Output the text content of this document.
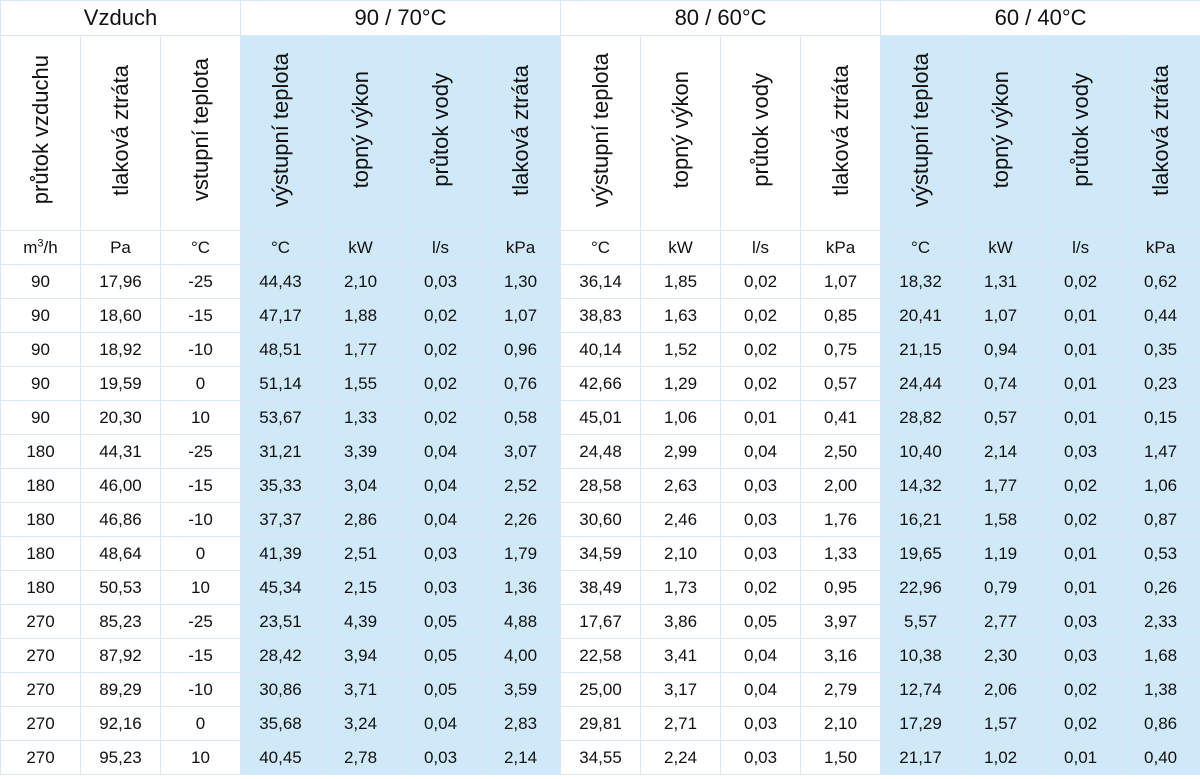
Vzduch			90 / 70°C				80 / 60°C				60 / 40°C			
průtok vzduchu	tlaková ztráta	vstupní teplota	výstupní teplota	topný výkon	průtok vody	tlaková ztráta	výstupní teplota	topný výkon	průtok vody	tlaková ztráta	výstupní teplota	topný výkon	průtok vody	tlaková ztráta
$m^3/h$	Pa	°C	°C	kW	l/s	kPa	°C	kW	l/s	kPa	°C	kW	l/s	kPa
90	17,96	-25	44,43	2,10	0,03	1,30	36,14	1,85	0,02	1,07	18,32	1,31	0,02	0,62
90	18,60	-15	47,17	1,88	0,02	1,07	38,83	1,63	0,02	0,85	20,41	1,07	0,01	0,44
90	18,92	-10	48,51	1,77	0,02	0,96	40,14	1,52	0,02	0,75	21,15	0,94	0,01	0,35
90	19,59	0	51,14	1,55	0,02	0,76	42,66	1,29	0,02	0,57	24,44	0,74	0,01	0,23
90	20,30	10	53,67	1,33	0,02	0,58	45,01	1,06	0,01	0,41	28,82	0,57	0,01	0,15
180	44,31	-25	31,21	3,39	0,04	3,07	24,48	2,99	0,04	2,50	10,40	2,14	0,03	1,47
180	46,00	-15	35,33	3,04	0,04	2,52	28,58	2,63	0,03	2,00	14,32	1,77	0,02	1,06
180	46,86	-10	37,37	2,86	0,04	2,26	30,60	2,46	0,03	1,76	16,21	1,58	0,02	0,87
180	48,64	0	41,39	2,51	0,03	1,79	34,59	2,10	0,03	1,33	19,65	1,19	0,01	0,53
180	50,53	10	45,34	2,15	0,03	1,36	38,49	1,73	0,02	0,95	22,96	0,79	0,01	0,26
270	85,23	-25	23,51	4,39	0,05	4,88	17,67	3,86	0,05	3,97	5,57	2,77	0,03	2,33
270	87,92	-15	28,42	3,94	0,05	4,00	22,58	3,41	0,04	3,16	10,38	2,30	0,03	1,68
270	89,29	-10	30,86	3,71	0,05	3,59	25,00	3,17	0,04	2,79	12,74	2,06	0,02	1,38
270	92,16	0	35,68	3,24	0,04	2,83	29,81	2,71	0,03	2,10	17,29	1,57	0,02	0,86
270	95,23	10	40,45	2,78	0,03	2,14	34,55	2,24	0,03	1,50	21,17	1,02	0,01	0,40
